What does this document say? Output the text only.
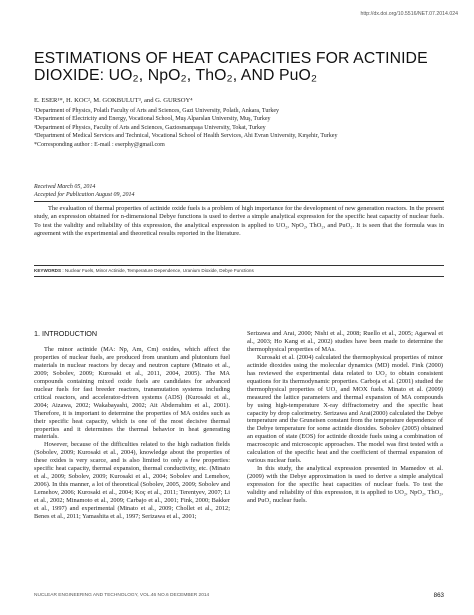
http://dx.doi.org/10.5516/NET.07.2014.024
ESTIMATIONS OF HEAT CAPACITIES FOR ACTINIDE
DIOXIDE: UO₂, NpO₂, ThO₂, AND PuO₂
E. ESER¹*, H. KOC², M. GOKBULUT³, and G. GURSOY⁴
¹Department of Physics, Polatlı Faculty of Arts and Sciences, Gazi University, Polatlı, Ankara, Turkey
²Department of Electricity and Energy, Vocational School, Muş Alparslan University, Muş, Turkey
³Department of Physics, Faculty of Arts and Sciences, Gaziosmanpaşa University, Tokat, Turkey
⁴Department of Medical Services and Technical, Vocational School of Health Services, Ahi Evran University, Kırşehir, Turkey
*Corresponding author : E-mail : eserphy@gmail.com
Received March 05, 2014
Accepted for Publication August 09, 2014
The evaluation of thermal properties of actinide oxide fuels is a problem of high importance for the development of new generation reactors. In the present study, an expression obtained for n-dimensional Debye functions is used to derive a simple analytical expression for the specific heat capacity of nuclear fuels. To test the validity and reliability of this expression, the analytical expression is applied to UO₂, NpO₂, ThO₂, and PuO₂. It is seen that the formula was in agreement with the experimental and theoretical results reported in the literature.
KEYWORDS : Nuclear Fuels, Minor Actinide, Temperature Dependence, Uranium Dioxide, Debye Functions
1. INTRODUCTION

The minor actinide (MA: Np, Am, Cm) oxides, which affect the properties of nuclear fuels, are produced from uranium and plutonium fuel materials in nuclear reactors by decay and neutron capture (Minato et al., 2009; Sobolev, 2009; Kurosaki et al., 2011, 2004, 2005). The MA compounds containing mixed oxide fuels are candidates for advanced nuclear fuels for fast breeder reactors, transmutation systems including critical reactors, and accelerator-driven systems (ADS) (Kurosaki et al., 2004; Aizawa, 2002; Wakabayashi, 2002; Ait Abderrahim et al., 2001). Therefore, it is important to determine the properties of MA oxides such as their specific heat capacity, which is one of the most decisive thermal properties and it determines the thermal behavior in heat generating materials.

However, because of the difficulties related to the high radiation fields (Sobolev, 2009; Kurosaki et al., 2004), knowledge about the properties of these oxides is very scarce, and is also limited to only a few properties: specific heat capacity, thermal expansion, thermal conductivity, etc. (Minato et al., 2009; Sobolev, 2009; Kurosaki et al., 2004; Sobolev and Lemehov, 2006). In this manner, a lot of theoretical (Sobolev, 2005, 2009; Sobolev and Lemehov, 2006; Kurosaki et al., 2004; Koç et al., 2011; Terentyev, 2007; Li et al., 2002; Minamoto et al., 2009; Carbajo et al., 2001; Fink, 2000; Bakker et al., 1997) and experimental (Minato et al., 2009; Chollet et al., 2012; Benes et al., 2011; Yamashita et al., 1997; Serizawa et al., 2001;

Serizawa and Arai, 2000; Nishi et al., 2008; Ruello et al., 2005; Agarwal et al., 2003; Ho Kang et al., 2002) studies have been made to determine the thermophysical properties of MAs.

Kurosaki et al. (2004) calculated the thermophysical properties of minor actinide dioxides using the molecular dynamics (MD) model. Fink (2000) has reviewed the experimental data related to UO₂ to obtain consistent equations for its thermodynamic properties. Carboja et al. (2001) studied the thermophysical properties of UO₂ and MOX fuels. Minato et al. (2009) measured the lattice parameters and thermal expansion of MA compounds by using high-temperature X-ray diffractometry and the specific heat capacity by drop calorimetry. Serizawa and Arai(2000) calculated the Debye temperature and the Gruneisen constant from the temperature dependence of the Debye temperature for some actinide dioxides. Sobolev (2005) obtained an equation of state (EOS) for actinide dioxide fuels using a combination of macroscopic and microscopic approaches. The model was first tested with a calculation of the specific heat and the coefficient of thermal expansion of various nuclear fuels.

In this study, the analytical expression presented in Mamedov et al. (2009) with the Debye approximation is used to derive a simple analytical expression for the specific heat capacities of nuclear fuels. To test the validity and reliability of this expression, it is applied to UO₂, NpO₂, ThO₂, and PuO₂ nuclear fuels.

NUCLEAR ENGINEERING AND TECHNOLOGY, VOL.46 NO.6 DECEMBER 2014	863
